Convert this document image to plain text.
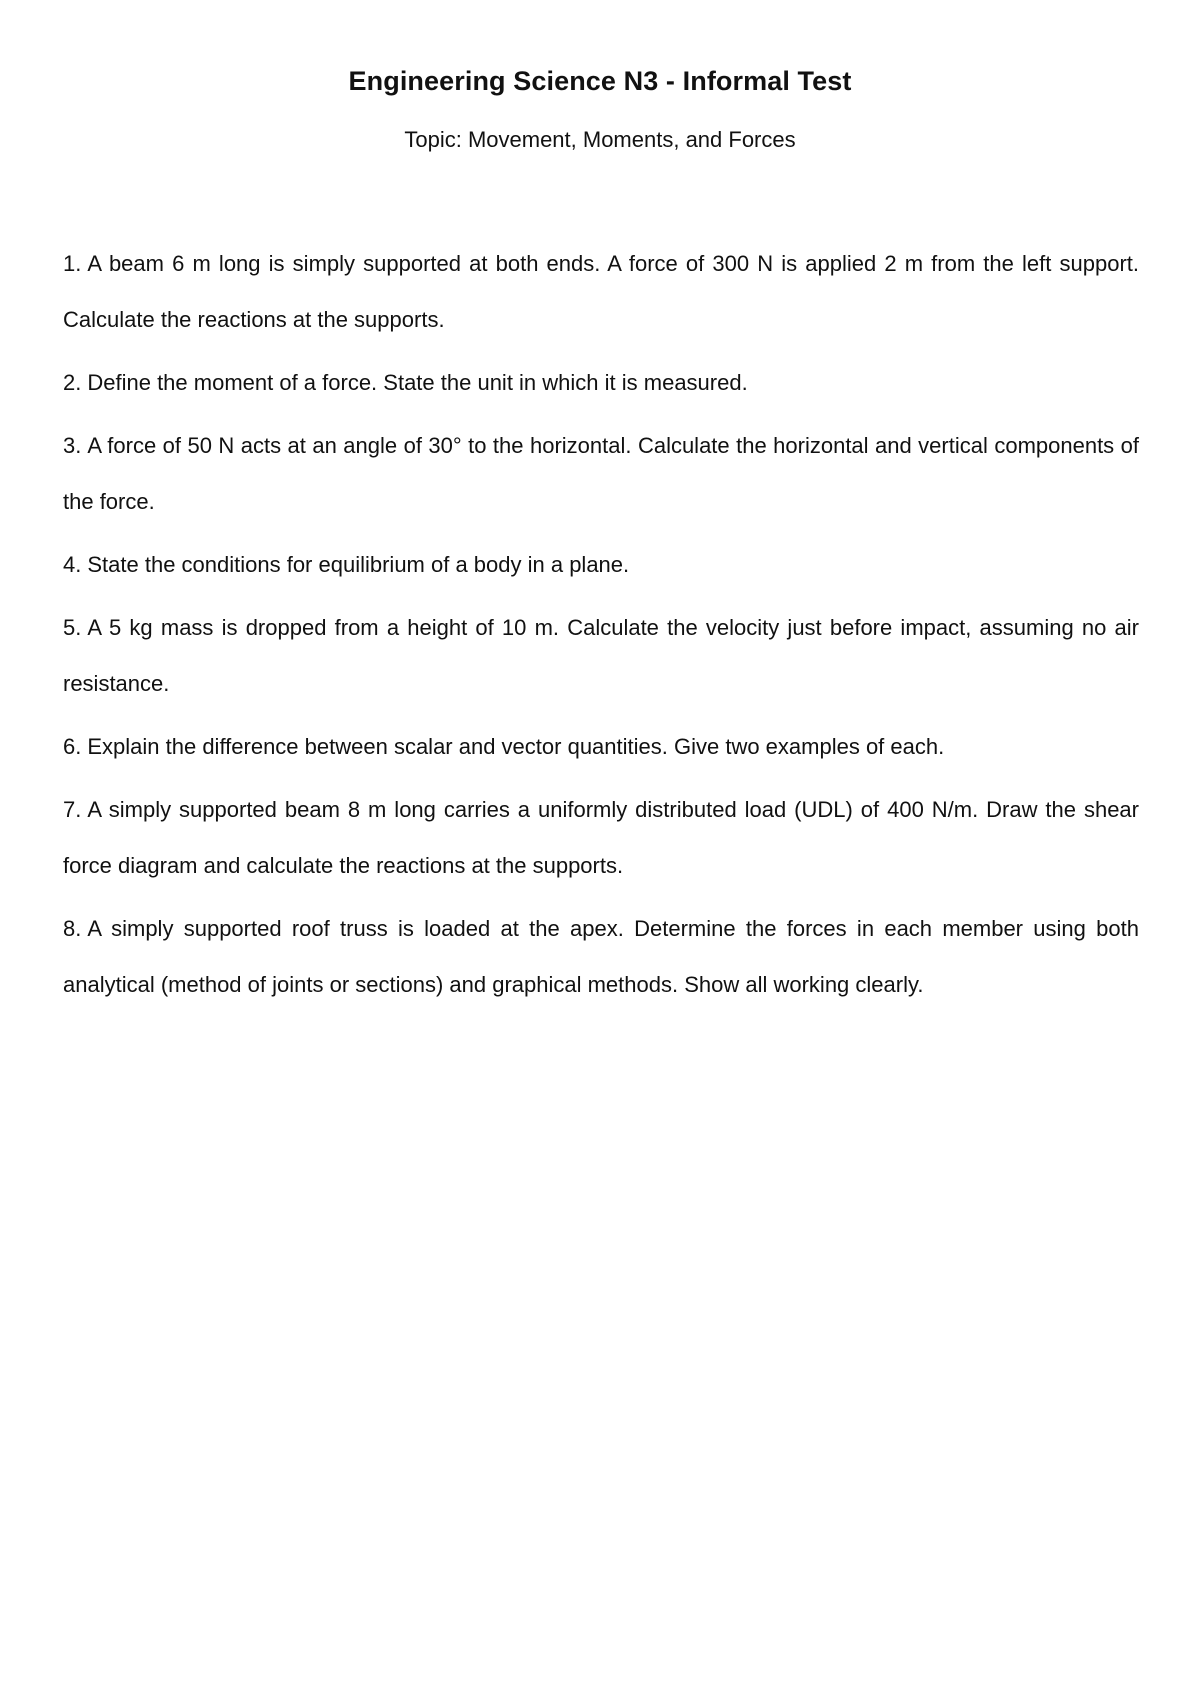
Engineering Science N3 - Informal Test
Topic: Movement, Moments, and Forces
1. A beam 6 m long is simply supported at both ends. A force of 300 N is applied 2 m from the left support. Calculate the reactions at the supports.
2. Define the moment of a force. State the unit in which it is measured.
3. A force of 50 N acts at an angle of 30° to the horizontal. Calculate the horizontal and vertical components of the force.
4. State the conditions for equilibrium of a body in a plane.
5. A 5 kg mass is dropped from a height of 10 m. Calculate the velocity just before impact, assuming no air resistance.
6. Explain the difference between scalar and vector quantities. Give two examples of each.
7. A simply supported beam 8 m long carries a uniformly distributed load (UDL) of 400 N/m. Draw the shear force diagram and calculate the reactions at the supports.
8. A simply supported roof truss is loaded at the apex. Determine the forces in each member using both analytical (method of joints or sections) and graphical methods. Show all working clearly.
